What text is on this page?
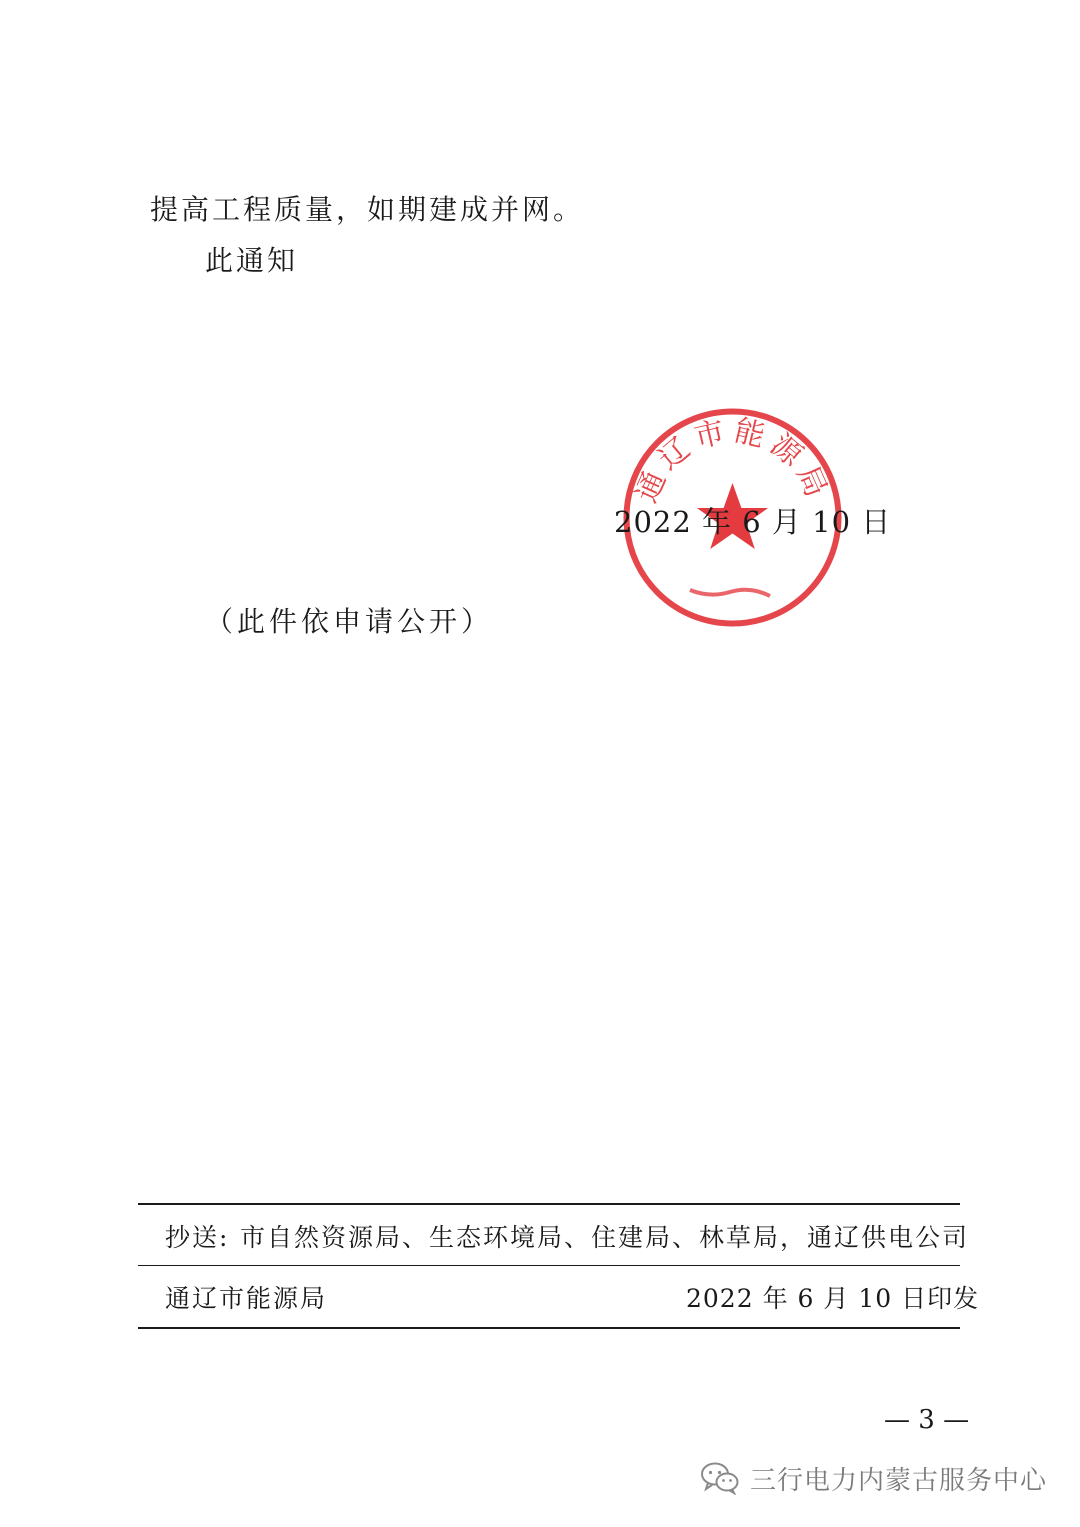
提高工程质量，如期建成并网。
此通知
通辽市能源局
2022 年 6 月 10 日
（此件依申请公开）
抄送: 市自然资源局、生态环境局、住建局、林草局，通辽供电公司
通辽市能源局	2022 年 6 月 10 日印发
— 3 —
三行电力内蒙古服务中心
